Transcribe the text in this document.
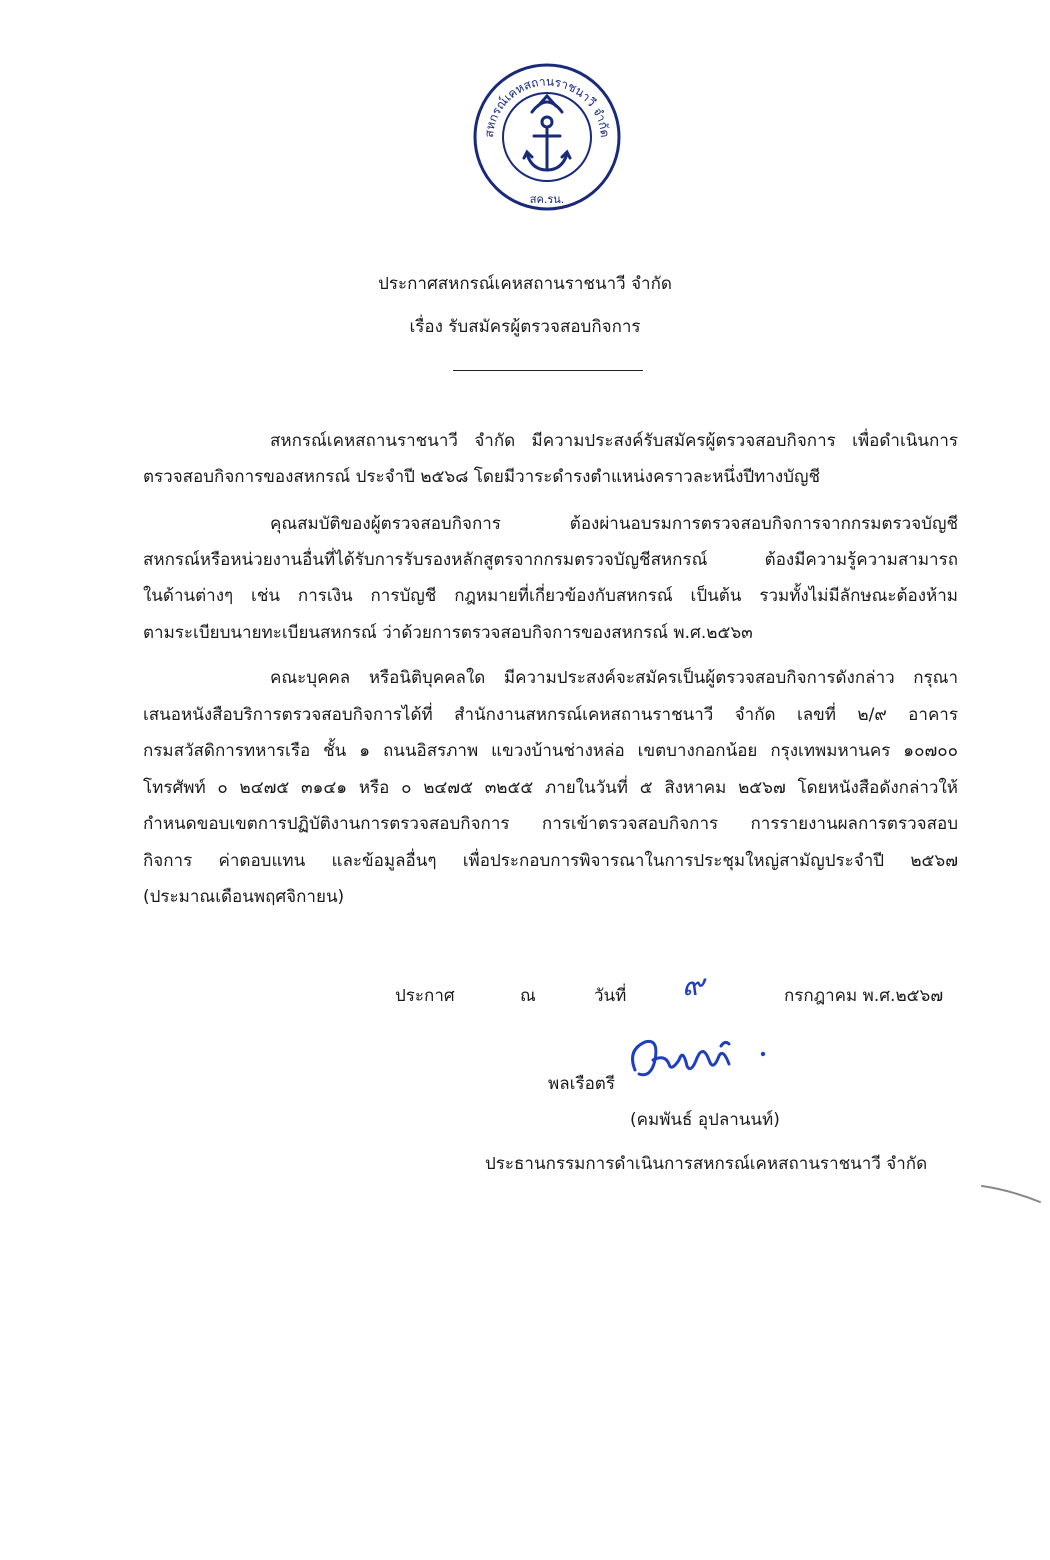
สหกรณ์เคหสถานราชนาวี จำกัด
สค.รน.
ประกาศสหกรณ์เคหสถานราชนาวี จำกัด
เรื่อง รับสมัครผู้ตรวจสอบกิจการ
สหกรณ์เคหสถานราชนาวี จำกัด มีความประสงค์รับสมัครผู้ตรวจสอบกิจการ เพื่อดำเนินการ
ตรวจสอบกิจการของสหกรณ์ ประจำปี ๒๕๖๘ โดยมีวาระดำรงตำแหน่งคราวละหนึ่งปีทางบัญชี
คุณสมบัติของผู้ตรวจสอบกิจการ ต้องผ่านอบรมการตรวจสอบกิจการจากกรมตรวจบัญชี
สหกรณ์หรือหน่วยงานอื่นที่ได้รับการรับรองหลักสูตรจากกรมตรวจบัญชีสหกรณ์ ต้องมีความรู้ความสามารถ
ในด้านต่างๆ เช่น การเงิน การบัญชี กฎหมายที่เกี่ยวข้องกับสหกรณ์ เป็นต้น รวมทั้งไม่มีลักษณะต้องห้าม
ตามระเบียบนายทะเบียนสหกรณ์ ว่าด้วยการตรวจสอบกิจการของสหกรณ์ พ.ศ.๒๕๖๓
คณะบุคคล หรือนิติบุคคลใด มีความประสงค์จะสมัครเป็นผู้ตรวจสอบกิจการดังกล่าว กรุณา
เสนอหนังสือบริการตรวจสอบกิจการได้ที่ สำนักงานสหกรณ์เคหสถานราชนาวี จำกัด เลขที่ ๒/๙ อาคาร
กรมสวัสดิการทหารเรือ ชั้น ๑ ถนนอิสรภาพ แขวงบ้านช่างหล่อ เขตบางกอกน้อย กรุงเทพมหานคร ๑๐๗๐๐
โทรศัพท์ ๐ ๒๔๗๕ ๓๑๔๑ หรือ ๐ ๒๔๗๕ ๓๒๕๕ ภายในวันที่ ๕ สิงหาคม ๒๕๖๗ โดยหนังสือดังกล่าวให้
กำหนดขอบเขตการปฏิบัติงานการตรวจสอบกิจการ การเข้าตรวจสอบกิจการ การรายงานผลการตรวจสอบ
กิจการ ค่าตอบแทน และข้อมูลอื่นๆ เพื่อประกอบการพิจารณาในการประชุมใหญ่สามัญประจำปี ๒๕๖๗
(ประมาณเดือนพฤศจิกายน)
ประกาศ	ณ	วันที่ ๙	กรกฎาคม พ.ศ.๒๕๖๗
พลเรือตรี
(คมพันธ์ อุปลานนท์)
ประธานกรรมการดำเนินการสหกรณ์เคหสถานราชนาวี จำกัด
